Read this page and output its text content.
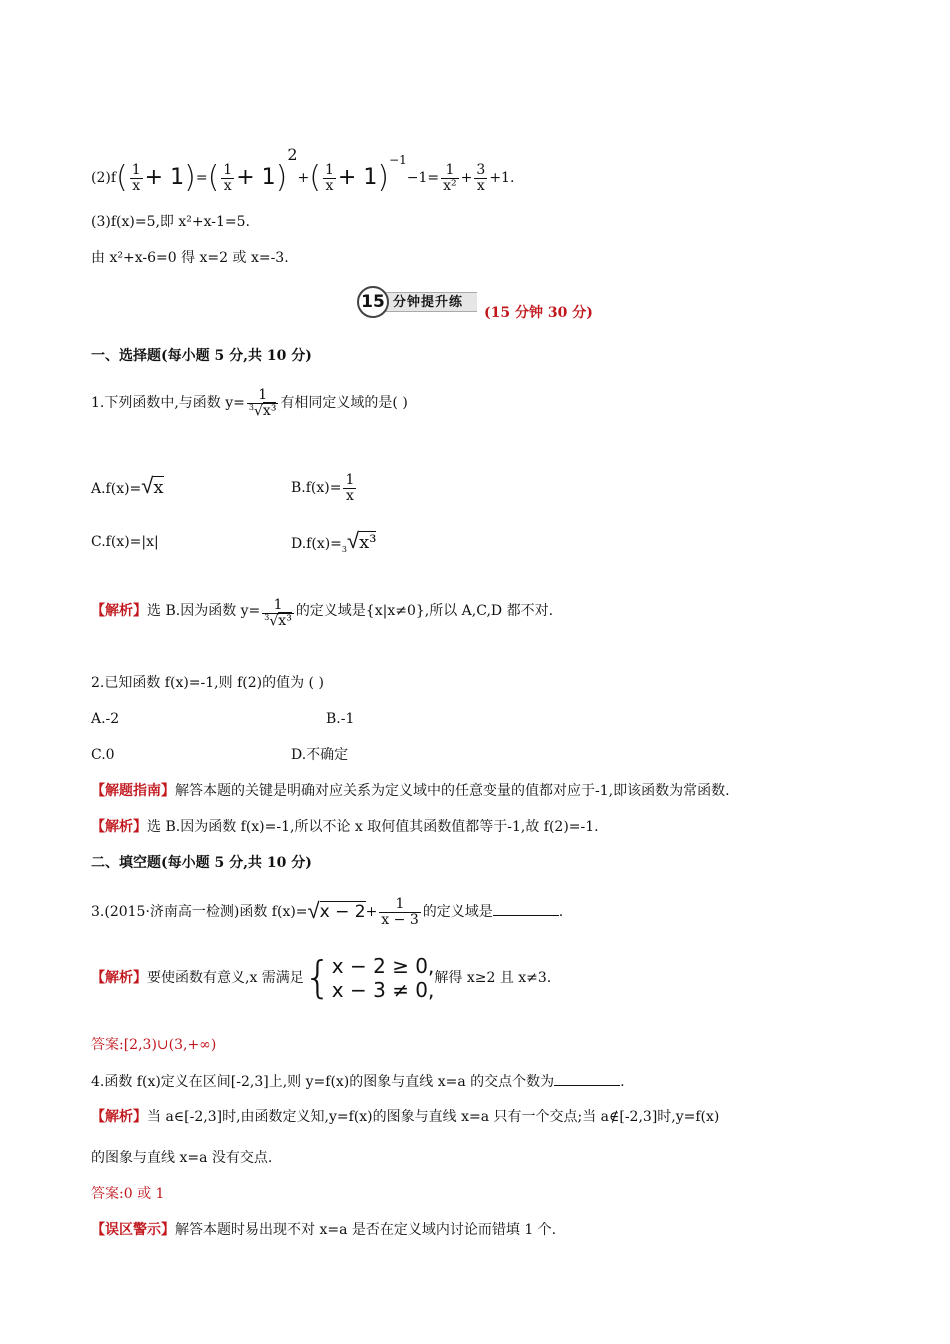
$(2)f( \frac{1}{x} + 1)=( \frac{1}{x} + 1)^2+( \frac{1}{x} + 1)^{-1}-1= \frac{1}{\text{x²}} + \frac{3}{x} +1$.
(3)f(x)=5,即 x²+x-1=5.
由 x²+x-6=0 得 x=2 或 x=-3.
15 分钟提升练
(15 分钟 30 分)
一、选择题(每小题 5 分,共 10 分)
1.下列函数中,与函数 $y= \frac{1}{^3√x^3}$ 有相同定义域的是( )
A.f(x)=√x	$B.f(x)= \frac{1}{x}$
C.f(x)=|x|	$D.f(x)=_3√x^3$
【解析】选 B.因为函数 $y= \frac{1}{^3√x^3}$ 的定义域是{x|x≠0},所以 A,C,D 都不对.
2.已知函数 f(x)=-1,则 f(2)的值为 ( )
A.-2	B.-1
C.0	D.不确定
【解题指南】解答本题的关键是明确对应关系为定义域中的任意变量的值都对应于-1,即该函数为常函数.
【解析】选 B.因为函数 f(x)=-1,所以不论 x 取何值其函数值都等于-1,故 f(2)=-1.
二、填空题(每小题 5 分,共 10 分)
3.(2015·济南高一检测)函数 $f(x)=√x - 2+ \frac{1}{x - 3}$ 的定义域是	.
【解析】要使函数有意义,x 需满足{ x − 2 ≥ 0,
x − 3 ≠ 0, 解得 x≥2 且 x≠3.
答案:[2,3)∪(3,+∞)
4.函数 f(x)定义在区间[-2,3]上,则 y=f(x)的图象与直线 x=a 的交点个数为	.
【解析】当 a∈[-2,3]时,由函数定义知,y=f(x)的图象与直线 x=a 只有一个交点;当 a∉[-2,3]时,y=f(x)
的图象与直线 x=a 没有交点.
答案:0 或 1
【误区警示】解答本题时易出现不对 x=a 是否在定义域内讨论而错填 1 个.
